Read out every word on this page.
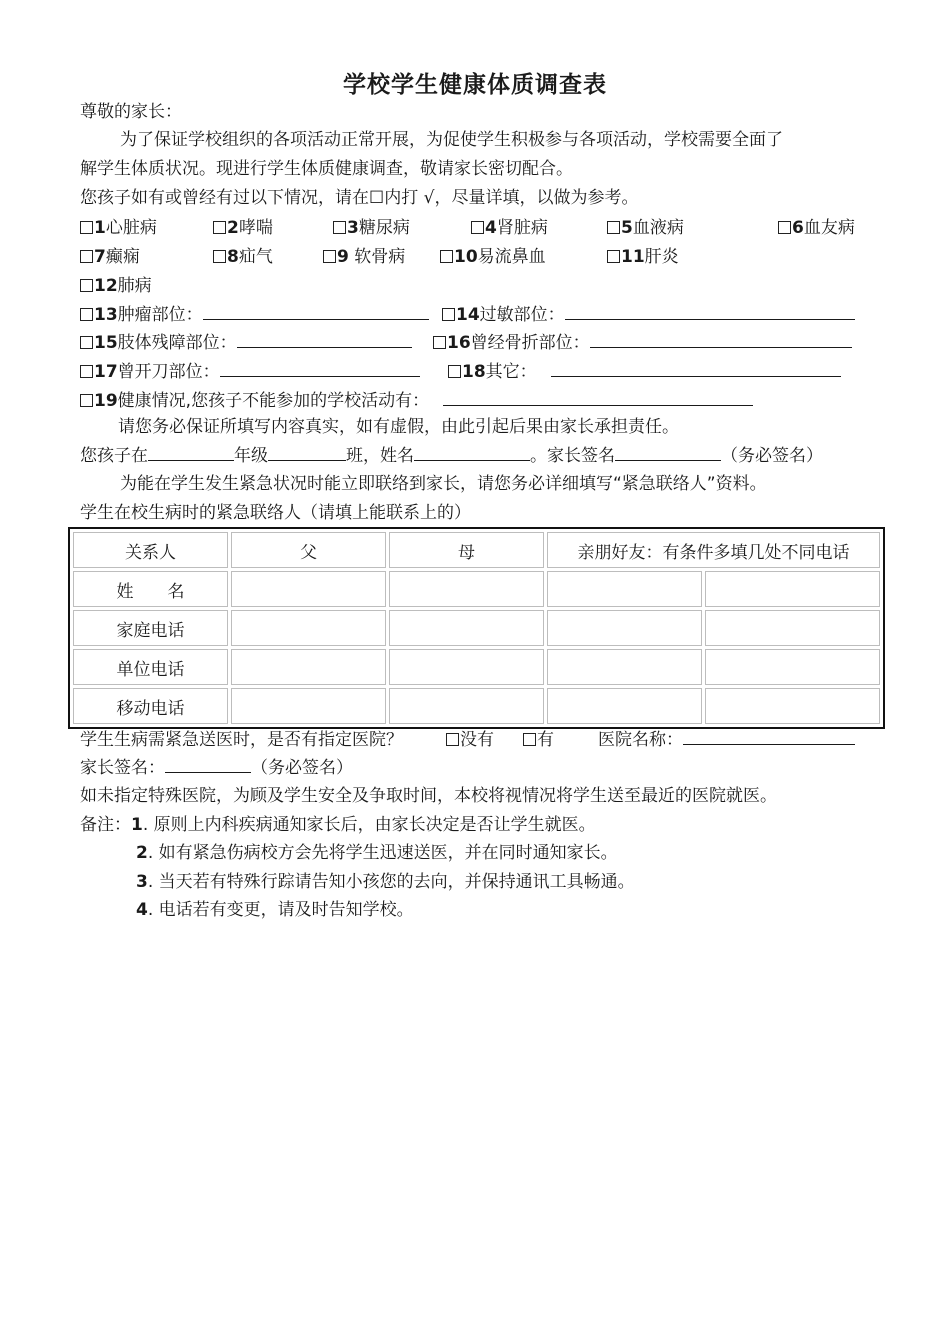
学校学生健康体质调查表
尊敬的家长：
为了保证学校组织的各项活动正常开展，为促使学生积极参与各项活动，学校需要全面了
解学生体质状况。现进行学生体质健康调查，敬请家长密切配合。
您孩子如有或曾经有过以下情况，请在☐内打 √，尽量详填，以做为参考。
1心脏病	2哮喘	3糖尿病	4肾脏病	5血液病	6血友病
7癫痫	8疝气	9 软骨病	10易流鼻血	11肝炎
12肺病
13肿瘤部位：	14过敏部位：
15肢体残障部位：	16曾经骨折部位：
17曾开刀部位：	18其它：
19健康情况,您孩子不能参加的学校活动有：
请您务必保证所填写内容真实，如有虚假，由此引起后果由家长承担责任。
您孩子在	年级	班，姓名	。家长签名	（务必签名）
为能在学生发生紧急状况时能立即联络到家长，请您务必详细填写“紧急联络人”资料。
学生在校生病时的紧急联络人（请填上能联系上的）
关系人	父	母	亲朋好友：有条件多填几处不同电话	
姓　　名				
家庭电话				
单位电话				
移动电话				
学生生病需紧急送医时，是否有指定医院？	没有	有	医院名称：
家长签名：	（务必签名）
如未指定特殊医院，为顾及学生安全及争取时间，本校将视情况将学生送至最近的医院就医。
备注：1. 原则上内科疾病通知家长后，由家长决定是否让学生就医。
2. 如有紧急伤病校方会先将学生迅速送医，并在同时通知家长。
3. 当天若有特殊行踪请告知小孩您的去向，并保持通讯工具畅通。
4. 电话若有变更，请及时告知学校。
